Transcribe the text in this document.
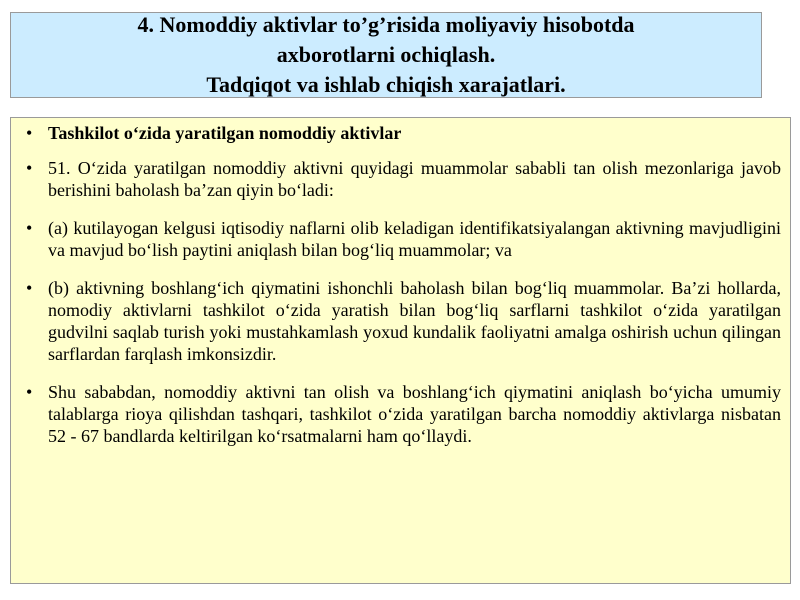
4. Nomoddiy aktivlar to’g’risida moliyaviy hisobotda
axborotlarni ochiqlash.
Tadqiqot va ishlab chiqish xarajatlari.
• Tashkilot o‘zida yaratilgan nomoddiy aktivlar
• 51. O‘zida yaratilgan nomoddiy aktivni quyidagi muammolar sababli tan olish mezonlariga javob berishini baholash ba’zan qiyin bo‘ladi:
• (a) kutilayogan kelgusi iqtisodiy naflarni olib keladigan identifikatsiyalangan aktivning mavjudligini va mavjud bo‘lish paytini aniqlash bilan bog‘liq muammolar; va
• (b) aktivning boshlang‘ich qiymatini ishonchli baholash bilan bog‘liq muammolar. Ba’zi hollarda, nomodiy aktivlarni tashkilot o‘zida yaratish bilan bog‘liq sarflarni tashkilot o‘zida yaratilgan gudvilni saqlab turish yoki mustahkamlash yoxud kundalik faoliyatni amalga oshirish uchun qilingan sarflardan farqlash imkonsizdir.
• Shu sababdan, nomoddiy aktivni tan olish va boshlang‘ich qiymatini aniqlash bo‘yicha umumiy talablarga rioya qilishdan tashqari, tashkilot o‘zida yaratilgan barcha nomoddiy aktivlarga nisbatan 52 - 67 bandlarda keltirilgan ko‘rsatmalarni ham qo‘llaydi.
